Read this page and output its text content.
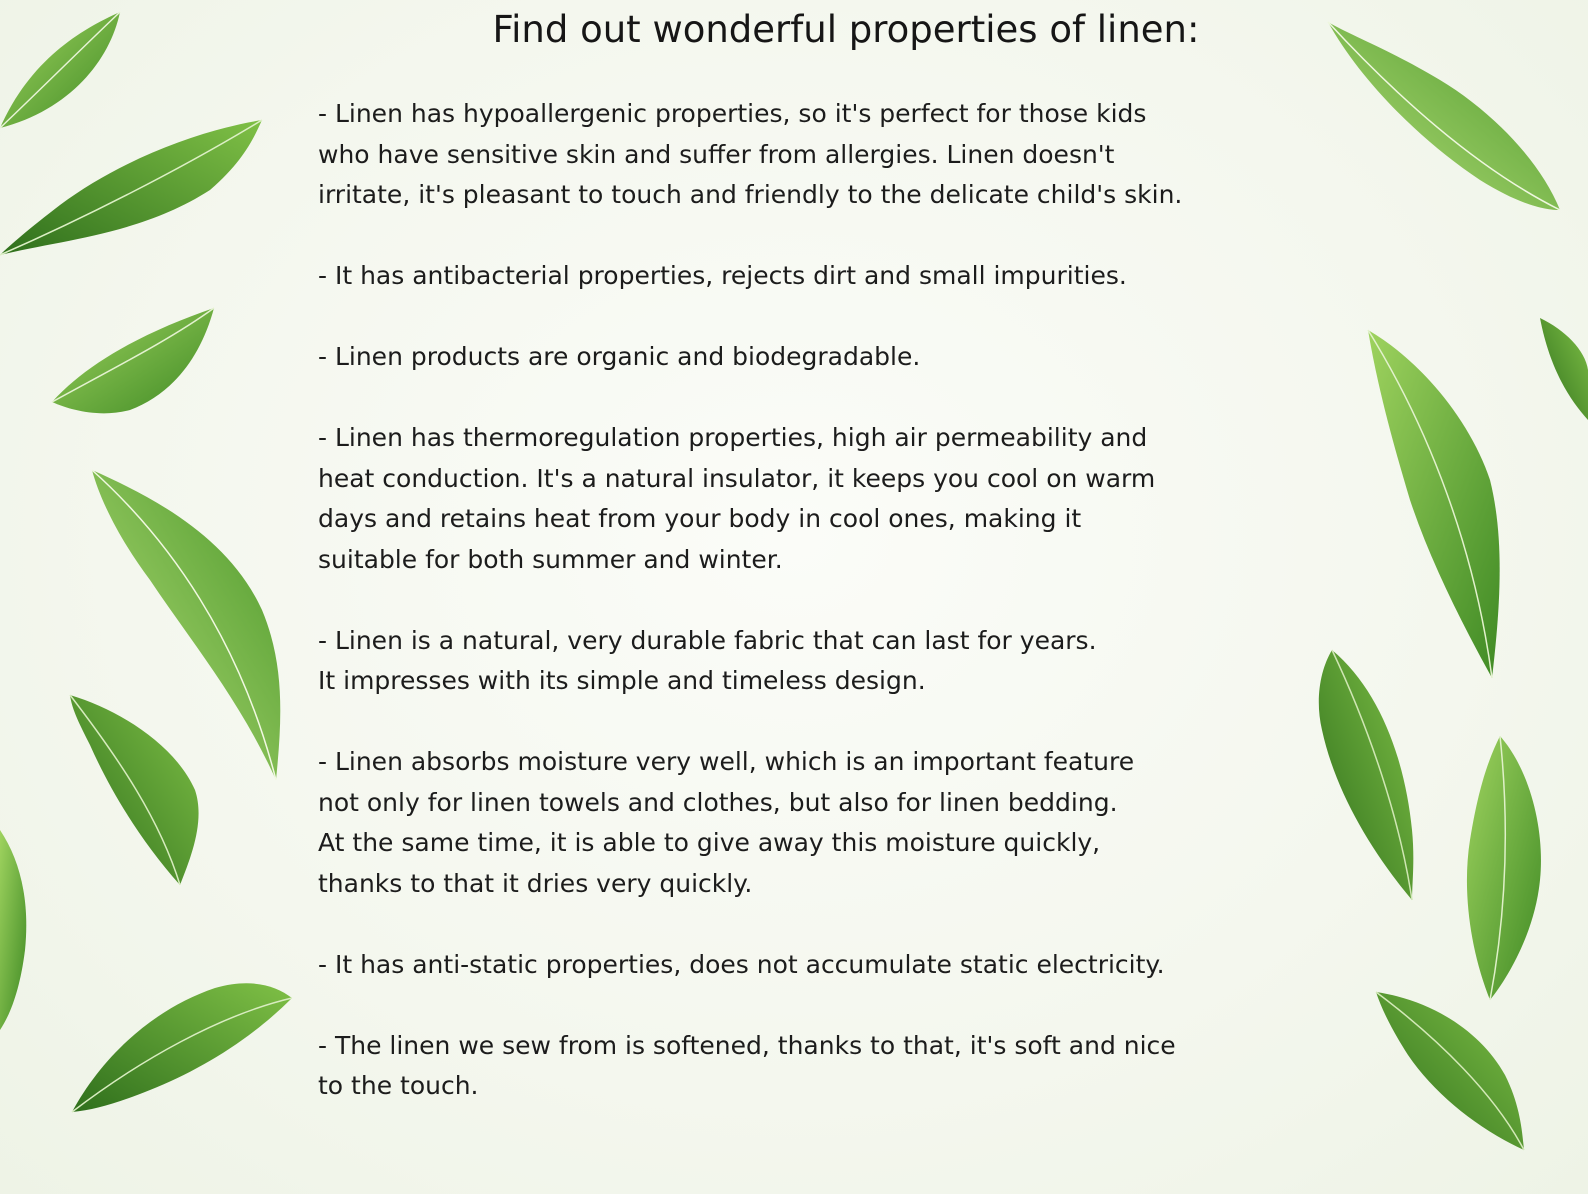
Find out wonderful properties of linen:

- Linen has hypoallergenic properties, so it's perfect for those kids
who have sensitive skin and suffer from allergies. Linen doesn't
irritate, it's pleasant to touch and friendly to the delicate child's skin.

- It has antibacterial properties, rejects dirt and small impurities.

- Linen products are organic and biodegradable.

- Linen has thermoregulation properties, high air permeability and
heat conduction. It's a natural insulator, it keeps you cool on warm
days and retains heat from your body in cool ones, making it
suitable for both summer and winter.

- Linen is a natural, very durable fabric that can last for years.
It impresses with its simple and timeless design.

- Linen absorbs moisture very well, which is an important feature
not only for linen towels and clothes, but also for linen bedding.
At the same time, it is able to give away this moisture quickly,
thanks to that it dries very quickly.

- It has anti-static properties, does not accumulate static electricity.

- The linen we sew from is softened, thanks to that, it's soft and nice
to the touch.
